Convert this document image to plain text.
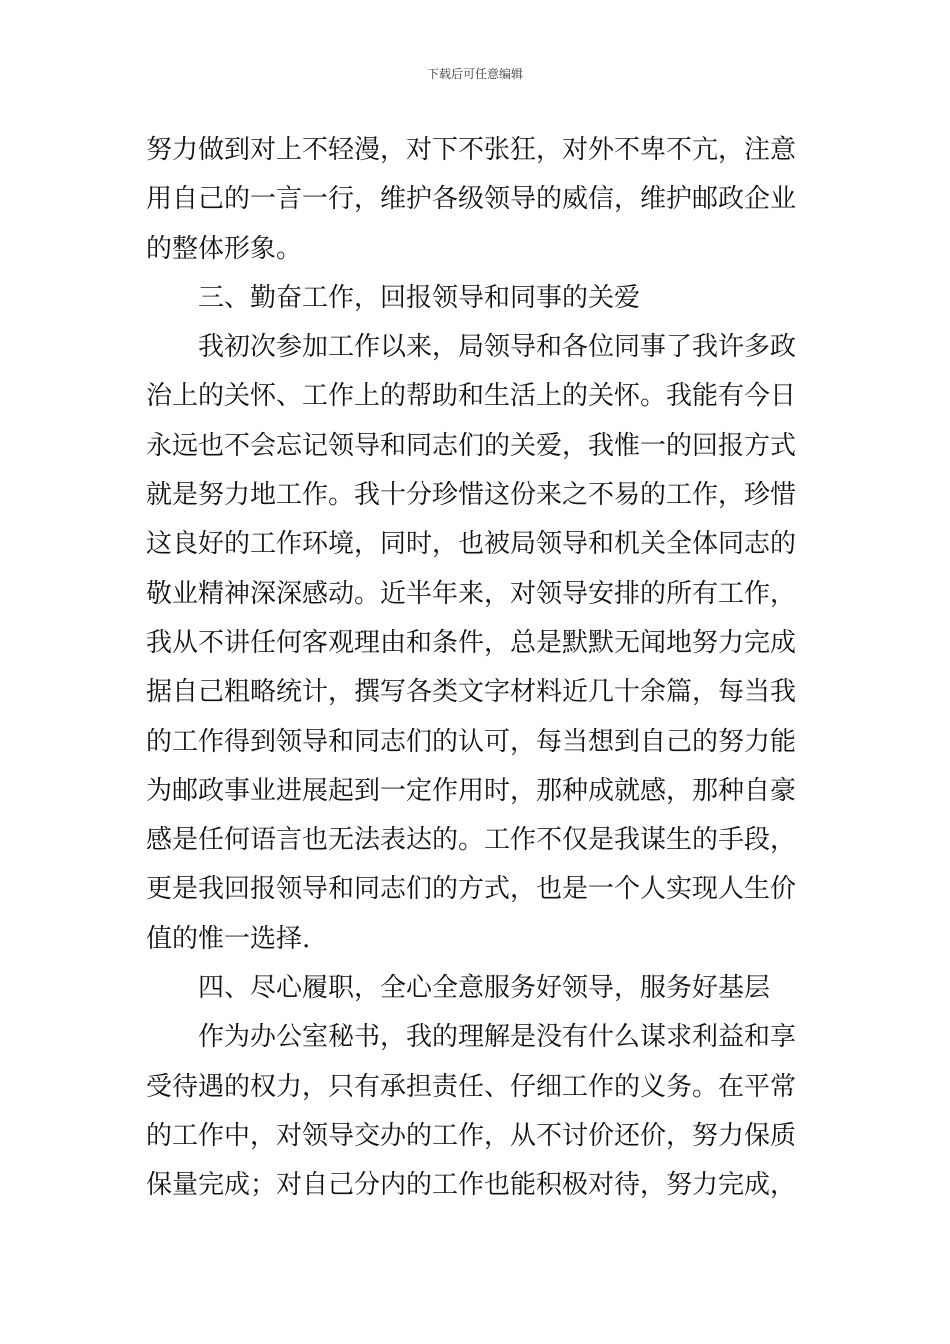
下载后可任意编辑
努力做到对上不轻漫，对下不张狂，对外不卑不亢，注意
用自己的一言一行，维护各级领导的威信，维护邮政企业
的整体形象。
三、勤奋工作，回报领导和同事的关爱
我初次参加工作以来，局领导和各位同事了我许多政
治上的关怀、工作上的帮助和生活上的关怀。我能有今日
永远也不会忘记领导和同志们的关爱，我惟一的回报方式
就是努力地工作。我十分珍惜这份来之不易的工作，珍惜
这良好的工作环境，同时，也被局领导和机关全体同志的
敬业精神深深感动。近半年来，对领导安排的所有工作，
我从不讲任何客观理由和条件，总是默默无闻地努力完成
据自己粗略统计，撰写各类文字材料近几十余篇，每当我
的工作得到领导和同志们的认可，每当想到自己的努力能
为邮政事业进展起到一定作用时，那种成就感，那种自豪
感是任何语言也无法表达的。工作不仅是我谋生的手段，
更是我回报领导和同志们的方式，也是一个人实现人生价
值的惟一选择.
四、尽心履职，全心全意服务好领导，服务好基层
作为办公室秘书，我的理解是没有什么谋求利益和享
受待遇的权力，只有承担责任、仔细工作的义务。在平常
的工作中，对领导交办的工作，从不讨价还价，努力保质
保量完成；对自己分内的工作也能积极对待，努力完成，
